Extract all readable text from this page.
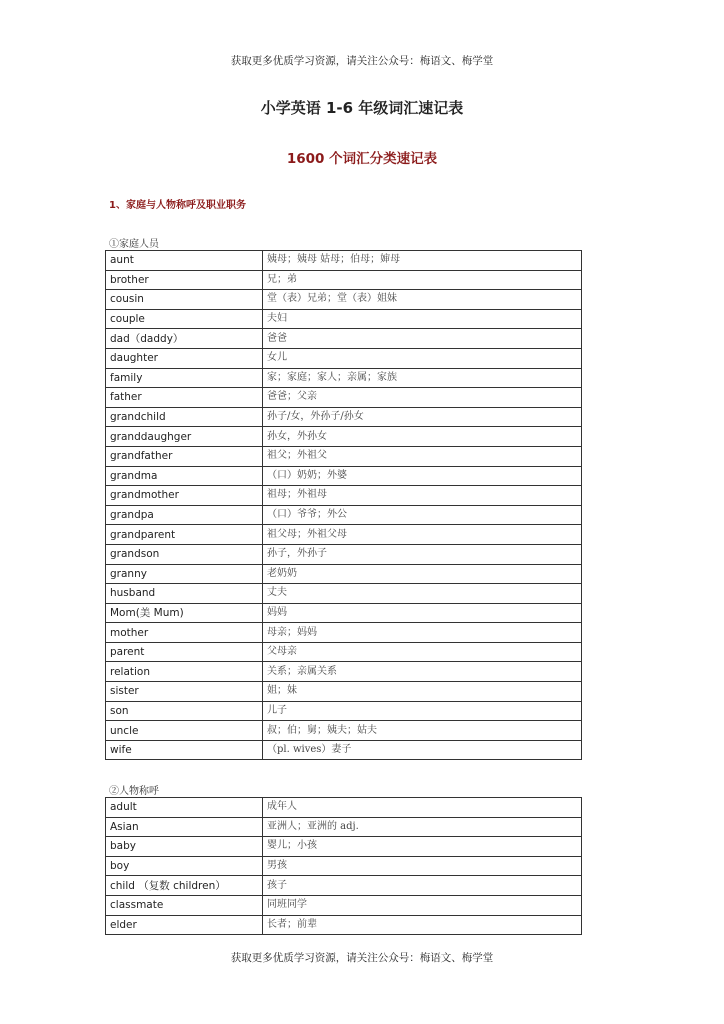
获取更多优质学习资源，请关注公众号：梅语文、梅学堂
小学英语 1-6 年级词汇速记表
1600 个词汇分类速记表
1、家庭与人物称呼及职业职务
①家庭人员
aunt	姨母；姨母 姑母；伯母；婶母
brother	兄；弟
cousin	堂（表）兄弟；堂（表）姐妹
couple	夫妇
dad（daddy）	爸爸
daughter	女儿
family	家；家庭；家人；亲属；家族
father	爸爸；父亲
grandchild	孙子/女，外孙子/孙女
granddaughger	孙女，外孙女
grandfather	祖父；外祖父
grandma	（口）奶奶；外婆
grandmother	祖母；外祖母
grandpa	（口）爷爷；外公
grandparent	祖父母；外祖父母
grandson	孙子，外孙子
granny	老奶奶
husband	丈夫
Mom(美 Mum)	妈妈
mother	母亲；妈妈
parent	父母亲
relation	关系；亲属关系
sister	姐；妹
son	儿子
uncle	叔；伯；舅；姨夫；姑夫
wife	（pl. wives）妻子
②人物称呼
adult	成年人
Asian	亚洲人；亚洲的 adj.
baby	婴儿；小孩
boy	男孩
child （复数 children）	孩子
classmate	同班同学
elder	长者；前辈
获取更多优质学习资源，请关注公众号：梅语文、梅学堂
